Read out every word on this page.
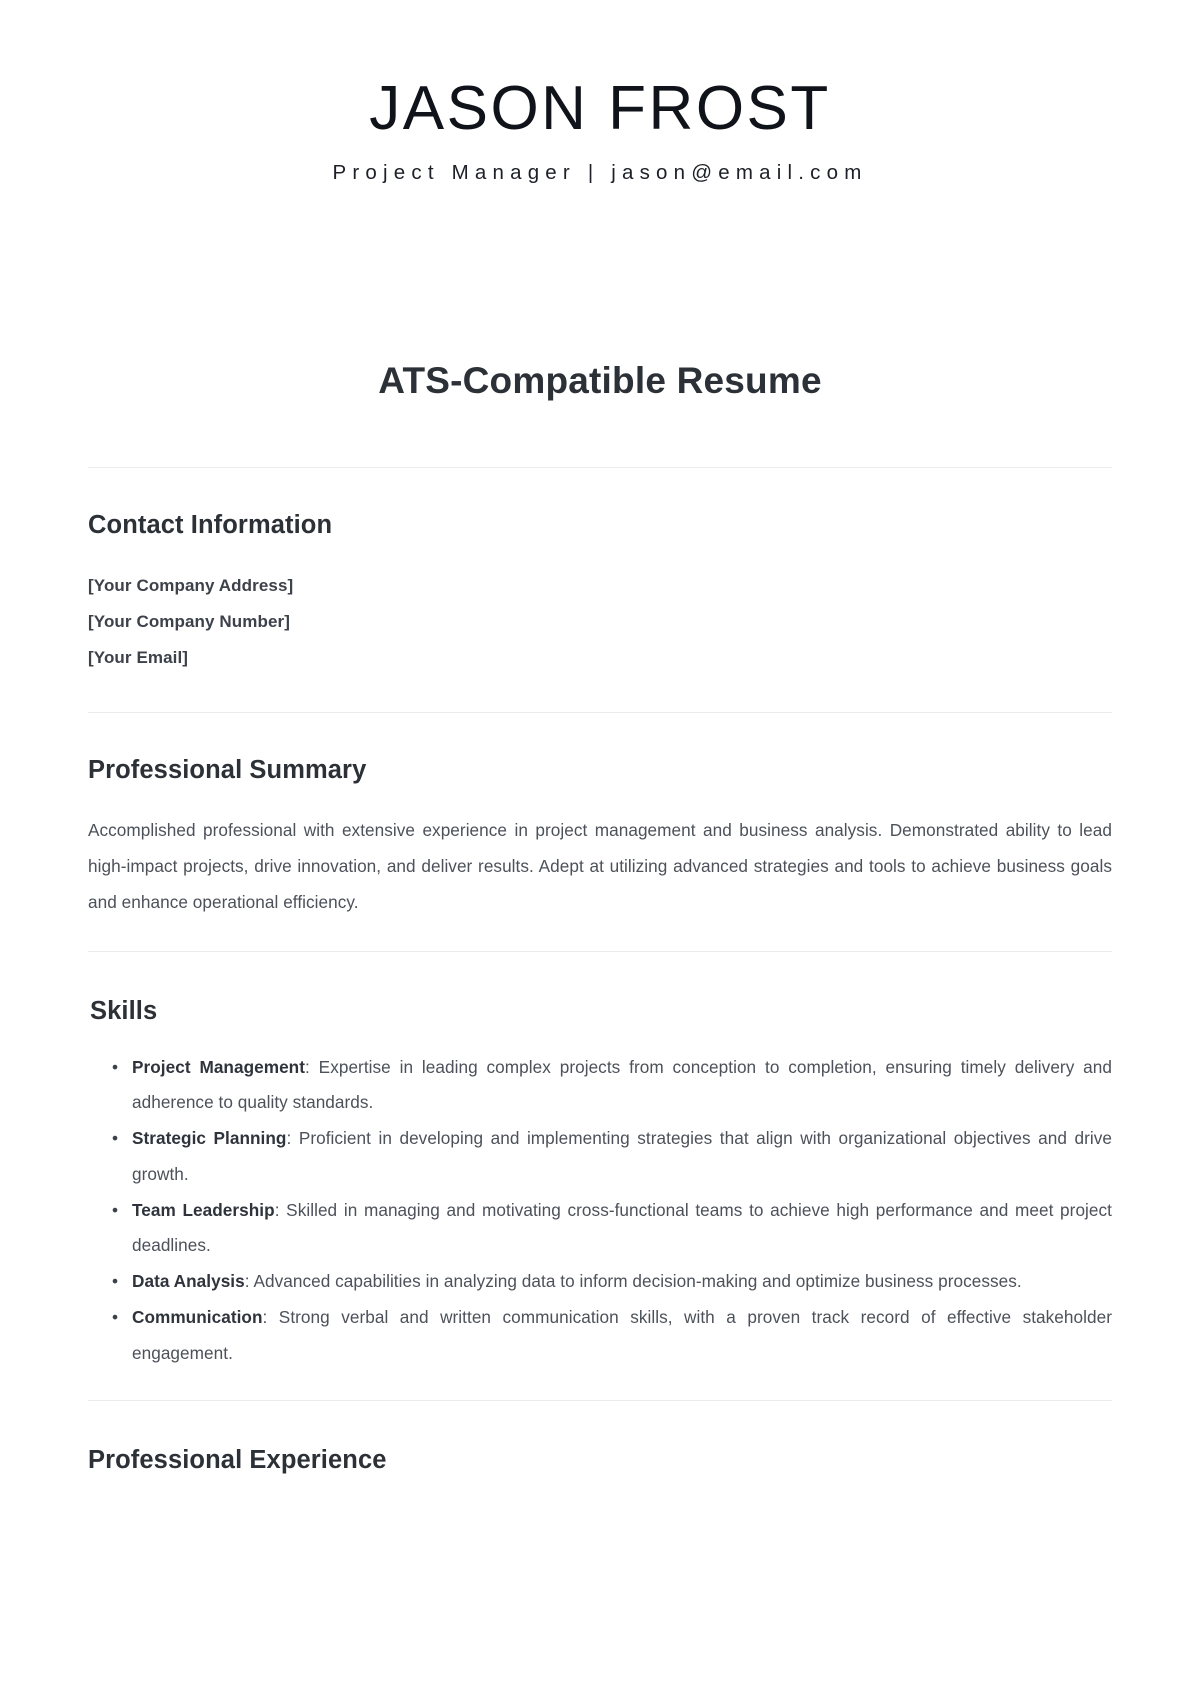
JASON FROST
Project Manager | jason@email.com
ATS-Compatible Resume
Contact Information
[Your Company Address]
[Your Company Number]
[Your Email]
Professional Summary

Accomplished professional with extensive experience in project management and business analysis. Demonstrated ability to lead high-impact projects, drive innovation, and deliver results. Adept at utilizing advanced strategies and tools to achieve business goals and enhance operational efficiency.

Skills
• Project Management: Expertise in leading complex projects from conception to completion, ensuring timely delivery and adherence to quality standards.
• Strategic Planning: Proficient in developing and implementing strategies that align with organizational objectives and drive growth.
• Team Leadership: Skilled in managing and motivating cross-functional teams to achieve high performance and meet project deadlines.
• Data Analysis: Advanced capabilities in analyzing data to inform decision-making and optimize business processes.
• Communication: Strong verbal and written communication skills, with a proven track record of effective stakeholder engagement.
Professional Experience
